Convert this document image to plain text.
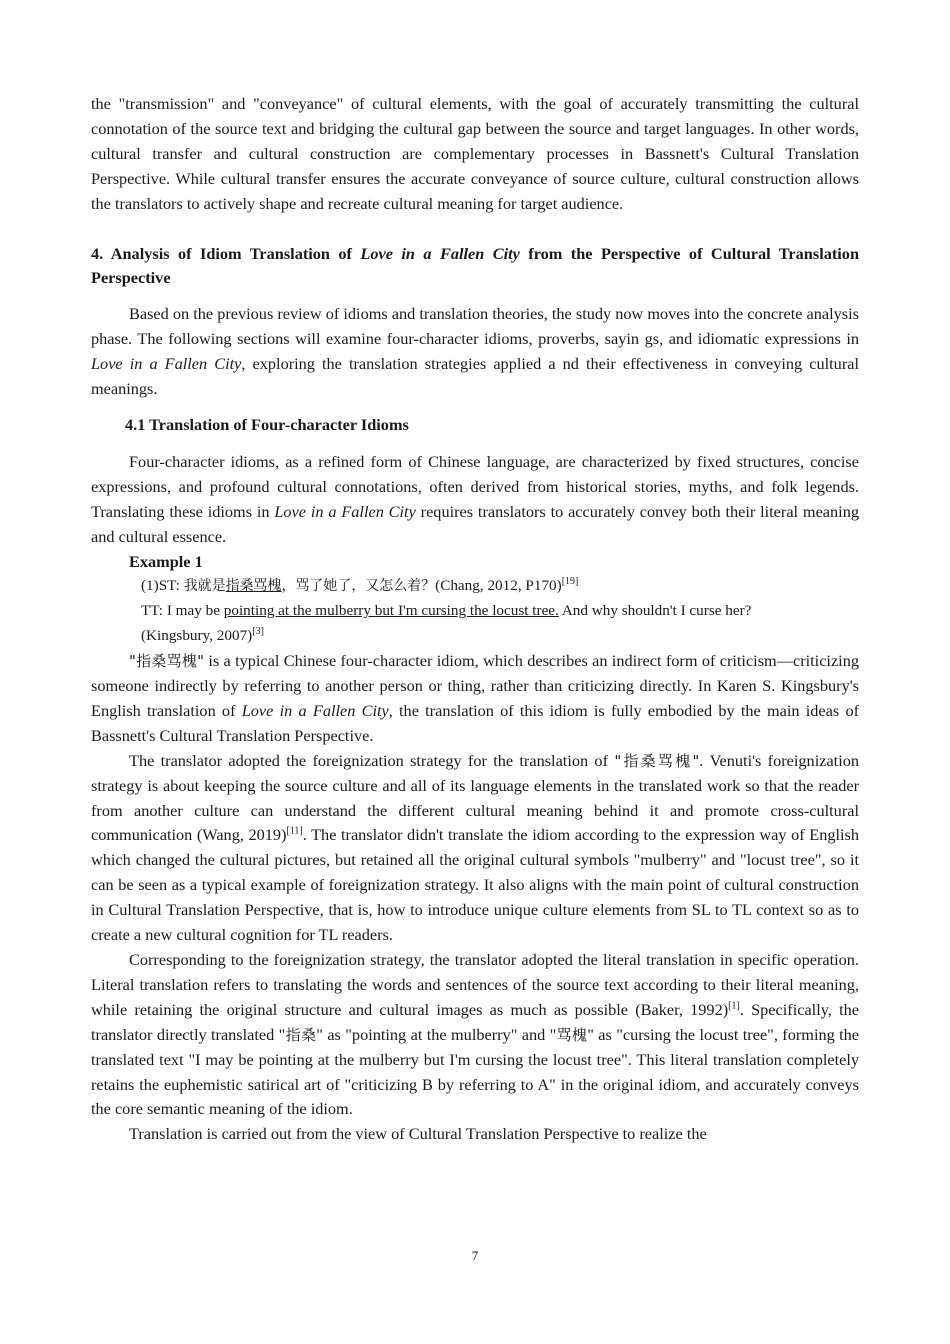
the "transmission" and "conveyance" of cultural elements, with the goal of accurately transmitting the cultural connotation of the source text and bridging the cultural gap between the source and target languages. In other words, cultural transfer and cultural construction are complementary processes in Bassnett's Cultural Translation Perspective. While cultural transfer ensures the accurate conveyance of source culture, cultural construction allows the translators to actively shape and recreate cultural meaning for target audience.

4. Analysis of Idiom Translation of Love in a Fallen City from the Perspective of Cultural Translation Perspective

Based on the previous review of idioms and translation theories, the study now moves into the concrete analysis phase. The following sections will examine four-character idioms, proverbs, sayin gs, and idiomatic expressions in Love in a Fallen City, exploring the translation strategies applied a nd their effectiveness in conveying cultural meanings.

4.1 Translation of Four-character Idioms

Four-character idioms, as a refined form of Chinese language, are characterized by fixed structures, concise expressions, and profound cultural connotations, often derived from historical stories, myths, and folk legends. Translating these idioms in Love in a Fallen City requires translators to accurately convey both their literal meaning and cultural essence.

Example 1

(1)ST: 我就是指桑骂槐，骂了她了，又怎么着？(Chang, 2012, P170)[19]

TT: I may be pointing at the mulberry but I'm cursing the locust tree. And why shouldn't I curse her?
(Kingsbury, 2007)[3]

"指桑骂槐" is a typical Chinese four-character idiom, which describes an indirect form of criticism—criticizing someone indirectly by referring to another person or thing, rather than criticizing directly. In Karen S. Kingsbury's English translation of Love in a Fallen City, the translation of this idiom is fully embodied by the main ideas of Bassnett's Cultural Translation Perspective.

The translator adopted the foreignization strategy for the translation of "指桑骂槐". Venuti's foreignization strategy is about keeping the source culture and all of its language elements in the translated work so that the reader from another culture can understand the different cultural meaning behind it and promote cross-cultural communication (Wang, 2019)[11]. The translator didn't translate the idiom according to the expression way of English which changed the cultural pictures, but retained all the original cultural symbols "mulberry" and "locust tree", so it can be seen as a typical example of foreignization strategy. It also aligns with the main point of cultural construction in Cultural Translation Perspective, that is, how to introduce unique culture elements from SL to TL context so as to create a new cultural cognition for TL readers.

Corresponding to the foreignization strategy, the translator adopted the literal translation in specific operation. Literal translation refers to translating the words and sentences of the source text according to their literal meaning, while retaining the original structure and cultural images as much as possible (Baker, 1992)[1]. Specifically, the translator directly translated "指桑" as "pointing at the mulberry" and "骂槐" as "cursing the locust tree", forming the translated text "I may be pointing at the mulberry but I'm cursing the locust tree". This literal translation completely retains the euphemistic satirical art of "criticizing B by referring to A" in the original idiom, and accurately conveys the core semantic meaning of the idiom.

Translation is carried out from the view of Cultural Translation Perspective to realize the

7
